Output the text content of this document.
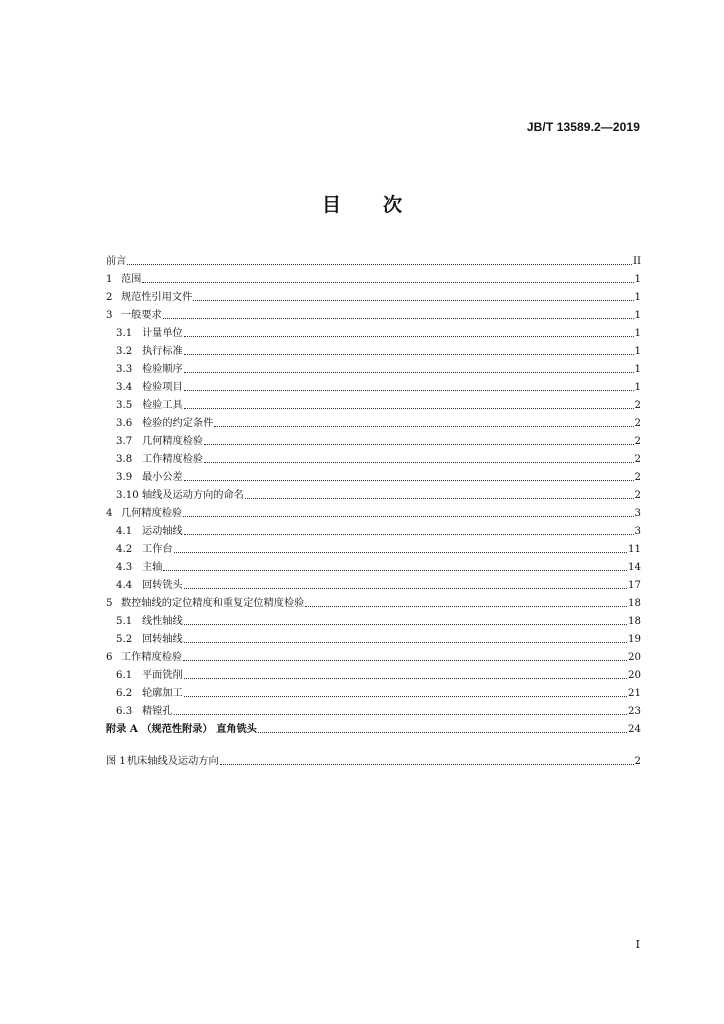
JB/T 13589.2—2019
目 次
前言	II
1 范围	1
2 规范性引用文件	1
3 一般要求	1
3.1 计量单位	1
3.2 执行标准	1
3.3 检验顺序	1
3.4 检验项目	1
3.5 检验工具	2
3.6 检验的约定条件	2
3.7 几何精度检验	2
3.8 工作精度检验	2
3.9 最小公差	2
3.10 轴线及运动方向的命名	2
4 几何精度检验	3
4.1 运动轴线	3
4.2 工作台	11
4.3 主轴	14
4.4 回转铣头	17
5 数控轴线的定位精度和重复定位精度检验	18
5.1 线性轴线	18
5.2 回转轴线	19
6 工作精度检验	20
6.1 平面铣削	20
6.2 轮廓加工	21
6.3 精镗孔	23
附录 A （规范性附录） 直角铣头	24
图 1 机床轴线及运动方向	2
I
